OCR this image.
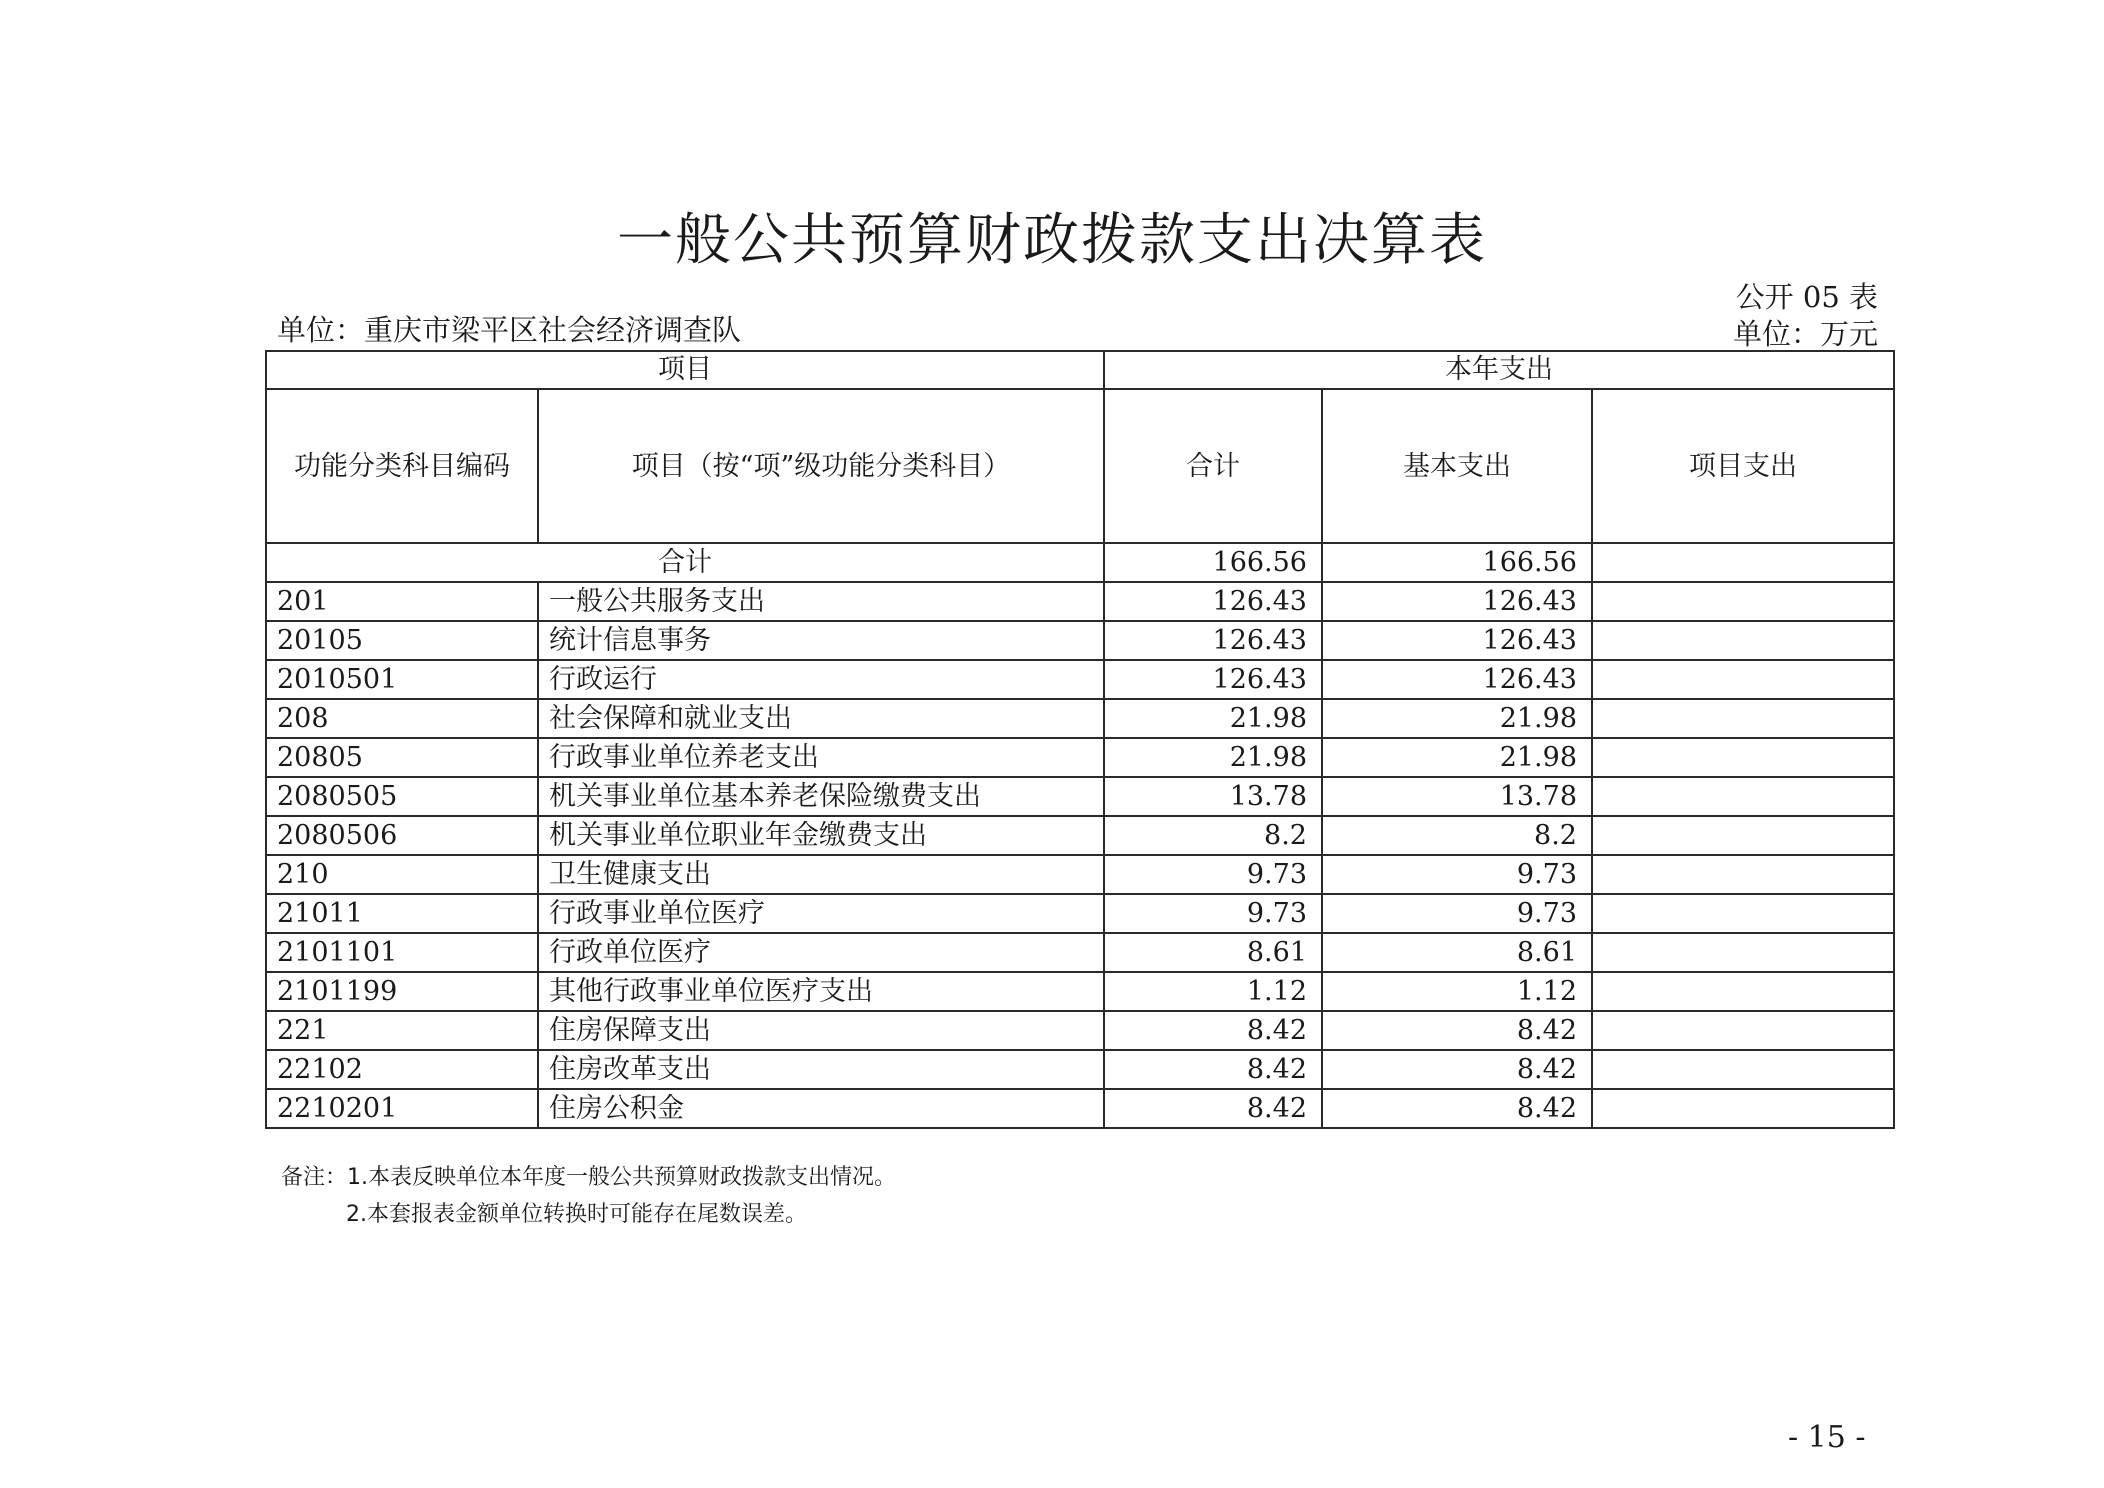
一般公共预算财政拨款支出决算表
公开 05 表
单位：重庆市梁平区社会经济调查队	单位：万元
项目		本年支出		
功能分类科目编码	项目（按“项”级功能分类科目）	合计	基本支出	项目支出
合计		166.56	166.56	
201	一般公共服务支出	126.43	126.43	
20105	统计信息事务	126.43	126.43	
2010501	行政运行	126.43	126.43	
208	社会保障和就业支出	21.98	21.98	
20805	行政事业单位养老支出	21.98	21.98	
2080505	机关事业单位基本养老保险缴费支出	13.78	13.78	
2080506	机关事业单位职业年金缴费支出	8.2	8.2	
210	卫生健康支出	9.73	9.73	
21011	行政事业单位医疗	9.73	9.73	
2101101	行政单位医疗	8.61	8.61	
2101199	其他行政事业单位医疗支出	1.12	1.12	
221	住房保障支出	8.42	8.42	
22102	住房改革支出	8.42	8.42	
2210201	住房公积金	8.42	8.42	
备注：1.本表反映单位本年度一般公共预算财政拨款支出情况。
2.本套报表金额单位转换时可能存在尾数误差。
- 15 -
